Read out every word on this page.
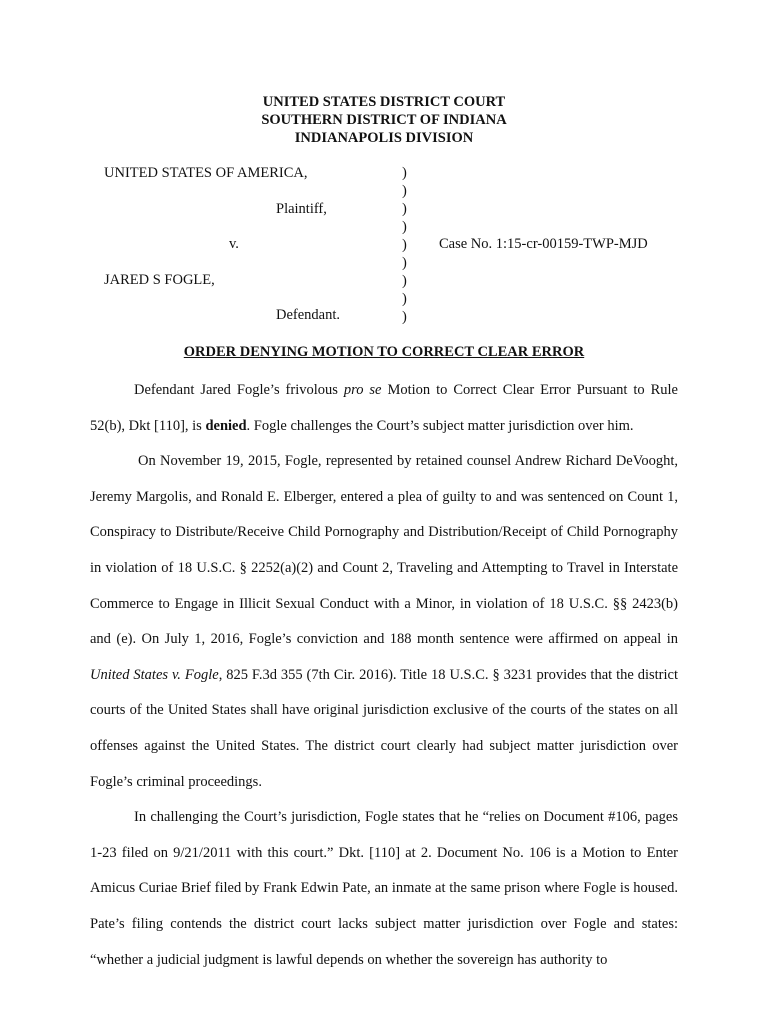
UNITED STATES DISTRICT COURT
SOUTHERN DISTRICT OF INDIANA
INDIANAPOLIS DIVISION
UNITED STATES OF AMERICA,
Plaintiff,
v.
JARED S FOGLE,
Defendant.
Case No. 1:15-cr-00159-TWP-MJD
)
)
)
)
)
)
)
)
)
ORDER DENYING MOTION TO CORRECT CLEAR ERROR

Defendant Jared Fogle’s frivolous pro se Motion to Correct Clear Error Pursuant to Rule 52(b), Dkt [110], is denied. Fogle challenges the Court’s subject matter jurisdiction over him.

On November 19, 2015, Fogle, represented by retained counsel Andrew Richard DeVooght, Jeremy Margolis, and Ronald E. Elberger, entered a plea of guilty to and was sentenced on Count 1, Conspiracy to Distribute/Receive Child Pornography and Distribution/Receipt of Child Pornography in violation of 18 U.S.C. § 2252(a)(2) and Count 2, Traveling and Attempting to Travel in Interstate Commerce to Engage in Illicit Sexual Conduct with a Minor, in violation of 18 U.S.C. §§ 2423(b) and (e). On July 1, 2016, Fogle’s conviction and 188 month sentence were affirmed on appeal in United States v. Fogle, 825 F.3d 355 (7th Cir. 2016). Title 18 U.S.C. § 3231 provides that the district courts of the United States shall have original jurisdiction exclusive of the courts of the states on all offenses against the United States. The district court clearly had subject matter jurisdiction over Fogle’s criminal proceedings.

In challenging the Court’s jurisdiction, Fogle states that he “relies on Document #106, pages 1-23 filed on 9/21/2011 with this court.” Dkt. [110] at 2. Document No. 106 is a Motion to Enter Amicus Curiae Brief filed by Frank Edwin Pate, an inmate at the same prison where Fogle is housed. Pate’s filing contends the district court lacks subject matter jurisdiction over Fogle and states: “whether a judicial judgment is lawful depends on whether the sovereign has authority to
